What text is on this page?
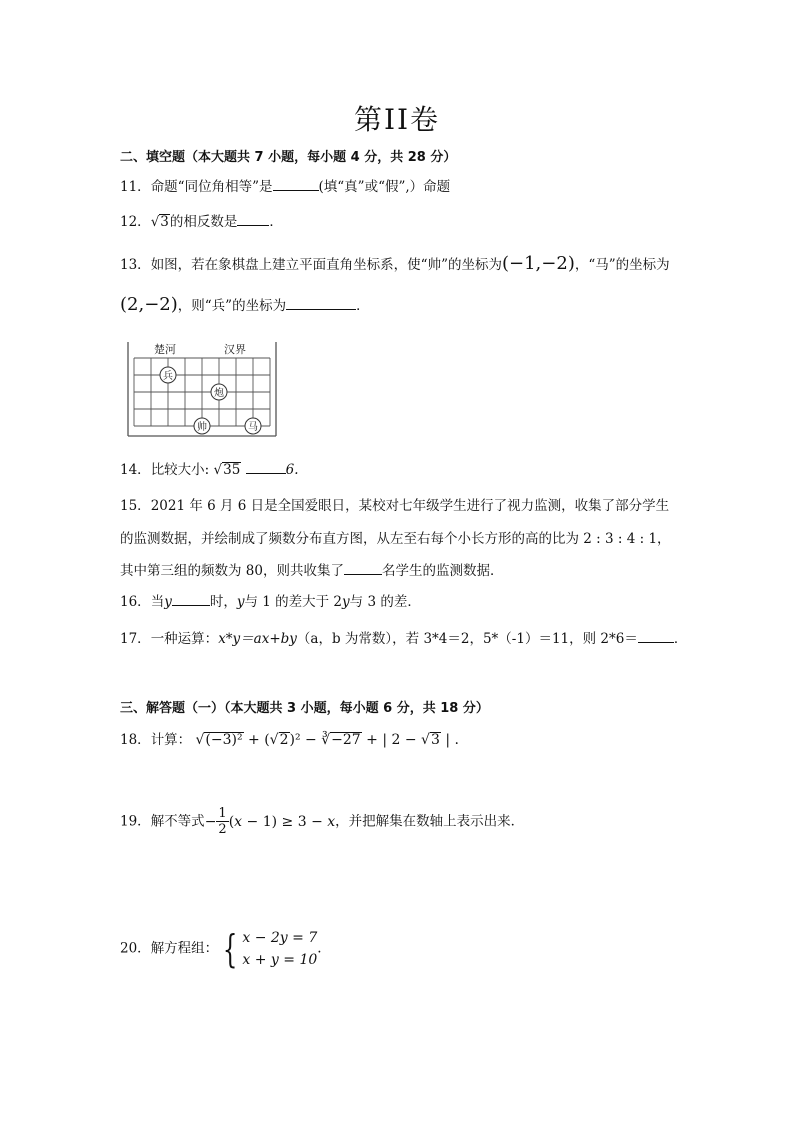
第II卷
二、填空题（本大题共 7 小题，每小题 4 分，共 28 分）
11．命题“同位角相等”是	(填“真”或“假”,）命题
12．√3的相反数是 ．
13．如图，若在象棋盘上建立平面直角坐标系，使“帅”的坐标为(−1,−2)，“马”的坐标为
(2,−2)，则“兵”的坐标为	．
楚河	汉界
兵
炮
帅	马
14．比较大小: √35	6.
15．2021 年 6 月 6 日是全国爱眼日，某校对七年级学生进行了视力监测，收集了部分学生
的监测数据，并绘制成了频数分布直方图，从左至右每个小长方形的高的比为 2 : 3 : 4 : 1，
其中第三组的频数为 80，则共收集了	名学生的监测数据．
16．当y	时，y与 1 的差大于 2y与 3 的差．
17．一种运算：x*y＝ax+by（a，b 为常数），若 3*4＝2，5*（-1）＝11，则 2*6＝	．
三、解答题（一）（本大题共 3 小题，每小题 6 分，共 18 分）
18．计算： √(−3)² + (√2)² − ∛−27 + | 2 − √3 | .
19．解不等式− $\frac{1}{2} (x - 1) \ge 3 - x$，并把解集在数轴上表示出来．
20．解方程组： { x − 2y = 7
x + y = 10
.
